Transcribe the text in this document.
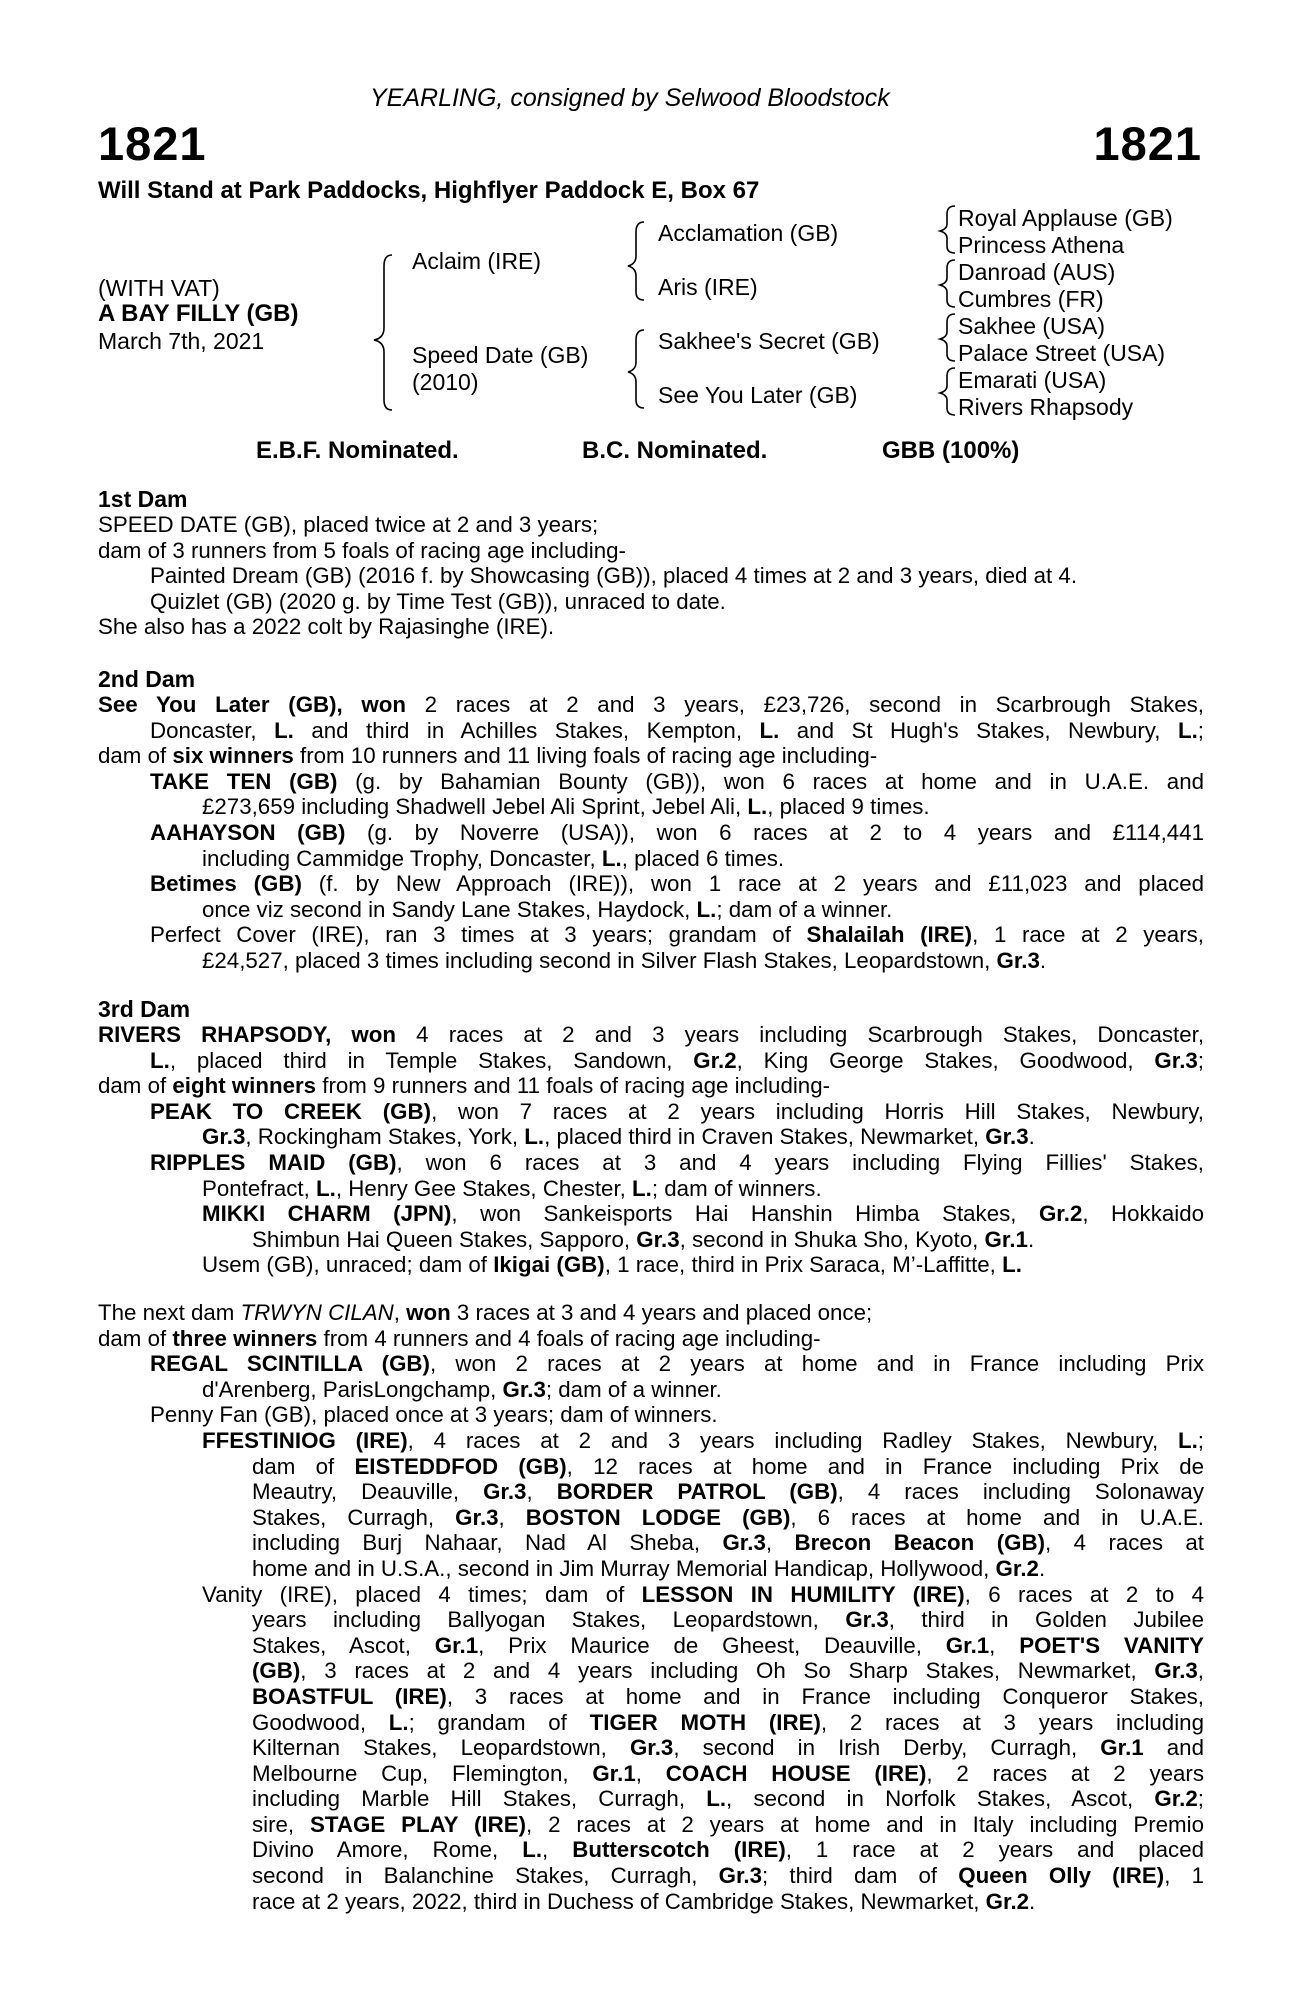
YEARLING, consigned by Selwood Bloodstock
1821	1821
Will Stand at Park Paddocks, Highflyer Paddock E, Box 67
(WITH VAT)
A BAY FILLY (GB)
March 7th, 2021
Aclaim (IRE)
Speed Date (GB)
(2010)
Acclamation (GB)
Aris (IRE)
Sakhee's Secret (GB)
See You Later (GB)
Royal Applause (GB)
Princess Athena
Danroad (AUS)
Cumbres (FR)
Sakhee (USA)
Palace Street (USA)
Emarati (USA)
Rivers Rhapsody
E.B.F. Nominated.	B.C. Nominated.	GBB (100%)
1st Dam

SPEED DATE (GB), placed twice at 2 and 3 years;

dam of 3 runners from 5 foals of racing age including-

Painted Dream (GB) (2016 f. by Showcasing (GB)), placed 4 times at 2 and 3 years, died at 4.

Quizlet (GB) (2020 g. by Time Test (GB)), unraced to date.

She also has a 2022 colt by Rajasinghe (IRE).

2nd Dam

See You Later (GB), won 2 races at 2 and 3 years, £23,726, second in Scarbrough Stakes,

Doncaster, L. and third in Achilles Stakes, Kempton, L. and St Hugh's Stakes, Newbury, L.;

dam of six winners from 10 runners and 11 living foals of racing age including-

TAKE TEN (GB) (g. by Bahamian Bounty (GB)), won 6 races at home and in U.A.E. and

£273,659 including Shadwell Jebel Ali Sprint, Jebel Ali, L., placed 9 times.

AAHAYSON (GB) (g. by Noverre (USA)), won 6 races at 2 to 4 years and £114,441

including Cammidge Trophy, Doncaster, L., placed 6 times.

Betimes (GB) (f. by New Approach (IRE)), won 1 race at 2 years and £11,023 and placed

once viz second in Sandy Lane Stakes, Haydock, L.; dam of a winner.

Perfect Cover (IRE), ran 3 times at 3 years; grandam of Shalailah (IRE), 1 race at 2 years,

£24,527, placed 3 times including second in Silver Flash Stakes, Leopardstown, Gr.3.

3rd Dam

RIVERS RHAPSODY, won 4 races at 2 and 3 years including Scarbrough Stakes, Doncaster,

L., placed third in Temple Stakes, Sandown, Gr.2, King George Stakes, Goodwood, Gr.3;

dam of eight winners from 9 runners and 11 foals of racing age including-

PEAK TO CREEK (GB), won 7 races at 2 years including Horris Hill Stakes, Newbury,

Gr.3, Rockingham Stakes, York, L., placed third in Craven Stakes, Newmarket, Gr.3.

RIPPLES MAID (GB), won 6 races at 3 and 4 years including Flying Fillies' Stakes,

Pontefract, L., Henry Gee Stakes, Chester, L.; dam of winners.

MIKKI CHARM (JPN), won Sankeisports Hai Hanshin Himba Stakes, Gr.2, Hokkaido

Shimbun Hai Queen Stakes, Sapporo, Gr.3, second in Shuka Sho, Kyoto, Gr.1.

Usem (GB), unraced; dam of Ikigai (GB), 1 race, third in Prix Saraca, M’-Laffitte, L.

The next dam TRWYN CILAN, won 3 races at 3 and 4 years and placed once;

dam of three winners from 4 runners and 4 foals of racing age including-

REGAL SCINTILLA (GB), won 2 races at 2 years at home and in France including Prix

d'Arenberg, ParisLongchamp, Gr.3; dam of a winner.

Penny Fan (GB), placed once at 3 years; dam of winners.

FFESTINIOG (IRE), 4 races at 2 and 3 years including Radley Stakes, Newbury, L.;

dam of EISTEDDFOD (GB), 12 races at home and in France including Prix de

Meautry, Deauville, Gr.3, BORDER PATROL (GB), 4 races including Solonaway

Stakes, Curragh, Gr.3, BOSTON LODGE (GB), 6 races at home and in U.A.E.

including Burj Nahaar, Nad Al Sheba, Gr.3, Brecon Beacon (GB), 4 races at

home and in U.S.A., second in Jim Murray Memorial Handicap, Hollywood, Gr.2.

Vanity (IRE), placed 4 times; dam of LESSON IN HUMILITY (IRE), 6 races at 2 to 4

years including Ballyogan Stakes, Leopardstown, Gr.3, third in Golden Jubilee

Stakes, Ascot, Gr.1, Prix Maurice de Gheest, Deauville, Gr.1, POET'S VANITY

(GB), 3 races at 2 and 4 years including Oh So Sharp Stakes, Newmarket, Gr.3,

BOASTFUL (IRE), 3 races at home and in France including Conqueror Stakes,

Goodwood, L.; grandam of TIGER MOTH (IRE), 2 races at 3 years including

Kilternan Stakes, Leopardstown, Gr.3, second in Irish Derby, Curragh, Gr.1 and

Melbourne Cup, Flemington, Gr.1, COACH HOUSE (IRE), 2 races at 2 years

including Marble Hill Stakes, Curragh, L., second in Norfolk Stakes, Ascot, Gr.2;

sire, STAGE PLAY (IRE), 2 races at 2 years at home and in Italy including Premio

Divino Amore, Rome, L., Butterscotch (IRE), 1 race at 2 years and placed

second in Balanchine Stakes, Curragh, Gr.3; third dam of Queen Olly (IRE), 1

race at 2 years, 2022, third in Duchess of Cambridge Stakes, Newmarket, Gr.2.
